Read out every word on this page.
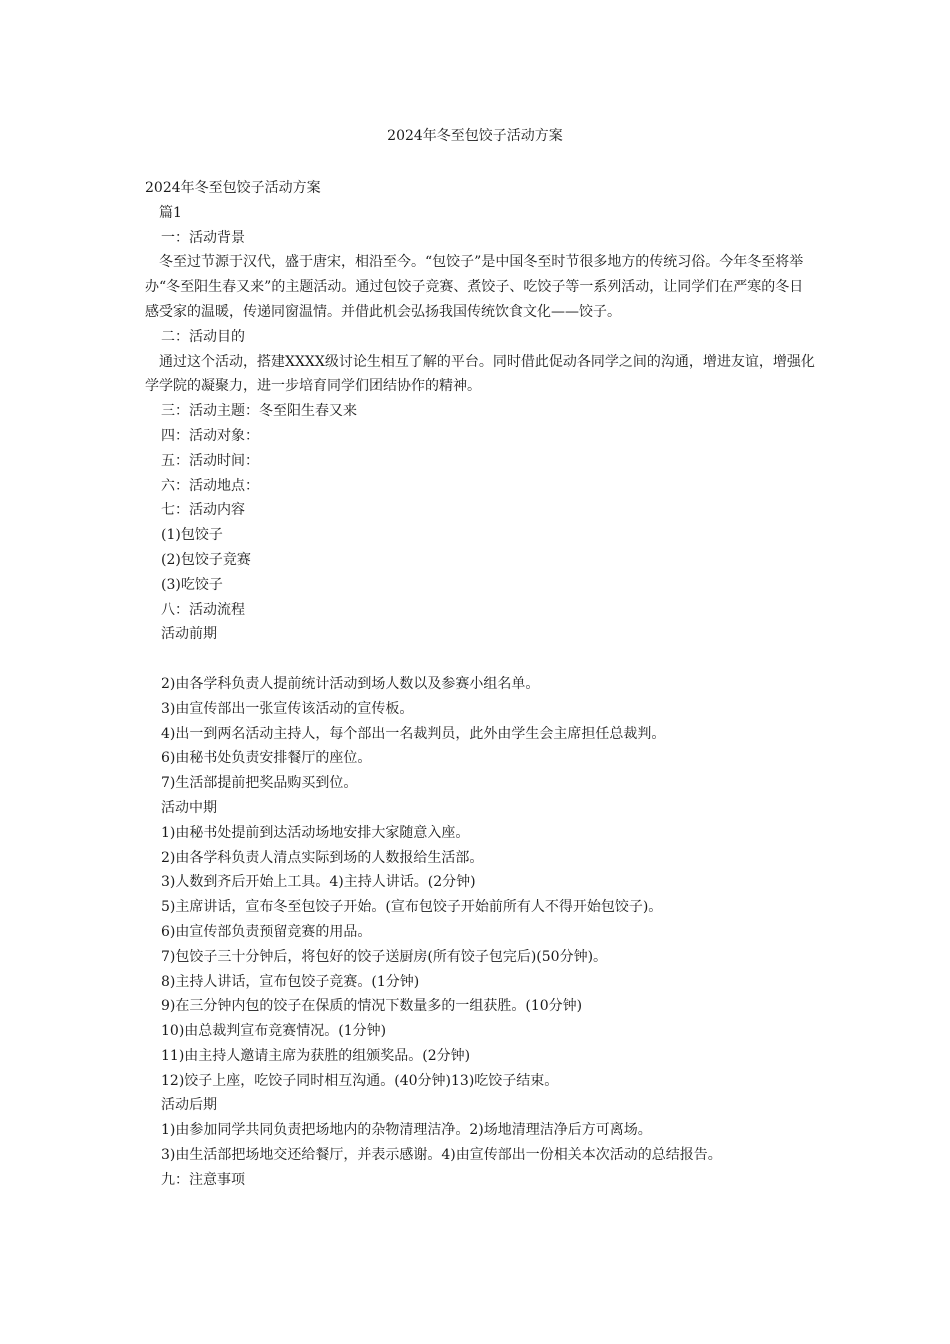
2024年冬至包饺子活动方案
2024年冬至包饺子活动方案
篇1
一：活动背景
冬至过节源于汉代，盛于唐宋，相沿至今。“包饺子”是中国冬至时节很多地方的传统习俗。今年冬至将举办“冬至阳生春又来”的主题活动。通过包饺子竞赛、煮饺子、吃饺子等一系列活动，让同学们在严寒的冬日感受家的温暖，传递同窗温情。并借此机会弘扬我国传统饮食文化——饺子。
二：活动目的
通过这个活动，搭建XXXX级讨论生相互了解的平台。同时借此促动各同学之间的沟通，增进友谊，增强化学学院的凝聚力，进一步培育同学们团结协作的精神。
三：活动主题：冬至阳生春又来
四：活动对象：
五：活动时间：
六：活动地点：
七：活动内容
(1)包饺子
(2)包饺子竞赛
(3)吃饺子
八：活动流程
活动前期
2)由各学科负责人提前统计活动到场人数以及参赛小组名单。
3)由宣传部出一张宣传该活动的宣传板。
4)出一到两名活动主持人，每个部出一名裁判员，此外由学生会主席担任总裁判。
6)由秘书处负责安排餐厅的座位。
7)生活部提前把奖品购买到位。
活动中期
1)由秘书处提前到达活动场地安排大家随意入座。
2)由各学科负责人清点实际到场的人数报给生活部。
3)人数到齐后开始上工具。4)主持人讲话。(2分钟)
5)主席讲话，宣布冬至包饺子开始。(宣布包饺子开始前所有人不得开始包饺子)。
6)由宣传部负责预留竞赛的用品。
7)包饺子三十分钟后，将包好的饺子送厨房(所有饺子包完后)(50分钟)。
8)主持人讲话，宣布包饺子竞赛。(1分钟)
9)在三分钟内包的饺子在保质的情况下数量多的一组获胜。(10分钟)
10)由总裁判宣布竞赛情况。(1分钟)
11)由主持人邀请主席为获胜的组颁奖品。(2分钟)
12)饺子上座，吃饺子同时相互沟通。(40分钟)13)吃饺子结束。
活动后期
1)由参加同学共同负责把场地内的杂物清理洁净。2)场地清理洁净后方可离场。
3)由生活部把场地交还给餐厅，并表示感谢。4)由宣传部出一份相关本次活动的总结报告。
九：注意事项
